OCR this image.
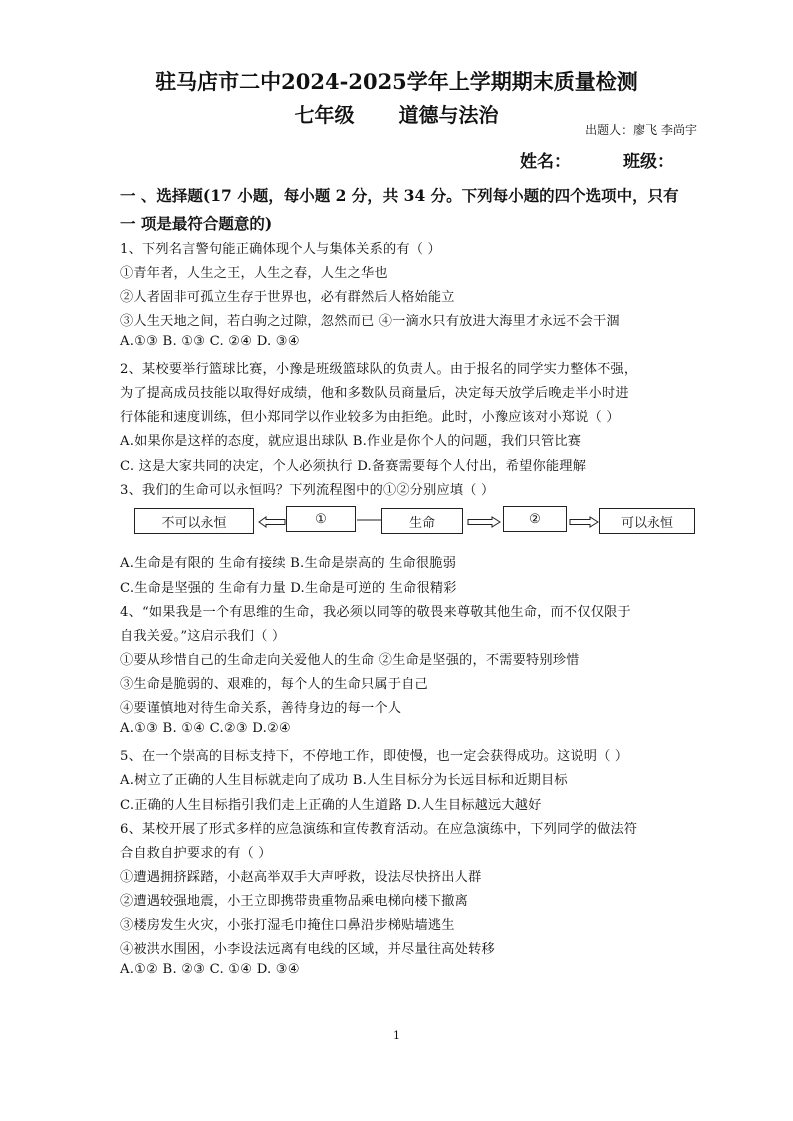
驻马店市二中2024-2025学年上学期期末质量检测
七年级 道德与法治
出题人：廖飞 李尚宇
姓名：	班级：
一 、选择题(17 小题，每小题 2 分，共 34 分。下列每小题的四个选项中，只有
一 项是最符合题意的)
1、下列名言警句能正确体现个人与集体关系的有（ ）
①青年者，人生之王，人生之春，人生之华也
②人者固非可孤立生存于世界也，必有群然后人格始能立
③人生天地之间，若白驹之过隙，忽然而已 ④一滴水只有放进大海里才永远不会干涸
A.①③ B. ①③ C. ②④ D. ③④
2、某校要举行篮球比赛，小豫是班级篮球队的负责人。由于报名的同学实力整体不强，
为了提高成员技能以取得好成绩，他和多数队员商量后，决定每天放学后晚走半小时进
行体能和速度训练，但小郑同学以作业较多为由拒绝。此时，小豫应该对小郑说（ ）
A.如果你是这样的态度，就应退出球队 B.作业是你个人的问题，我们只管比赛
C. 这是大家共同的决定，个人必须执行 D.备赛需要每个人付出，希望你能理解
3、我们的生命可以永恒吗？下列流程图中的①②分别应填（ ）
不可以永恒	①	生命	②	可以永恒
A.生命是有限的 生命有接续 B.生命是崇高的 生命很脆弱
C.生命是坚强的 生命有力量 D.生命是可逆的 生命很精彩
4、“如果我是一个有思维的生命，我必须以同等的敬畏来尊敬其他生命，而不仅仅限于
自我关爱。”这启示我们（ ）
①要从珍惜自己的生命走向关爱他人的生命 ②生命是坚强的，不需要特别珍惜
③生命是脆弱的、艰难的，每个人的生命只属于自己
④要谨慎地对待生命关系，善待身边的每一个人
A.①③ B. ①④ C.②③ D.②④
5、在一个崇高的目标支持下，不停地工作，即使慢，也一定会获得成功。这说明（ ）
A.树立了正确的人生目标就走向了成功 B.人生目标分为长远目标和近期目标
C.正确的人生目标指引我们走上正确的人生道路 D.人生目标越远大越好
6、某校开展了形式多样的应急演练和宣传教育活动。在应急演练中，下列同学的做法符
合自救自护要求的有（ ）
①遭遇拥挤踩踏，小赵高举双手大声呼救，设法尽快挤出人群
②遭遇较强地震，小王立即携带贵重物品乘电梯向楼下撤离
③楼房发生火灾，小张打湿毛巾掩住口鼻沿步梯贴墙逃生
④被洪水围困，小李设法远离有电线的区域，并尽量往高处转移
A.①② B. ②③ C. ①④ D. ③④
1
